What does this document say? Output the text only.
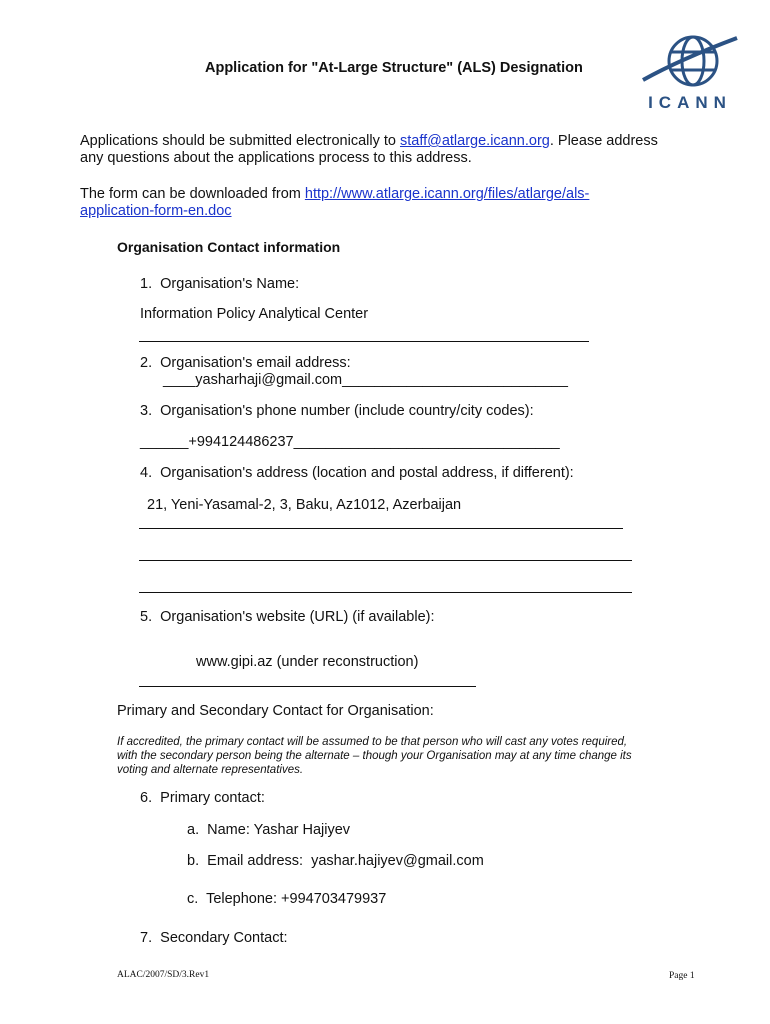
Application for "At-Large Structure" (ALS) Designation
ICANN
Applications should be submitted electronically to staff@atlarge.icann.org. Please address
any questions about the applications process to this address.
The form can be downloaded from http://www.atlarge.icann.org/files/atlarge/als-
application-form-en.doc
Organisation Contact information
1.  Organisation's Name:
Information Policy Analytical Center
2.  Organisation's email address:
____yasharhaji@gmail.com____________________________
3.  Organisation's phone number (include country/city codes):
______+994124486237_________________________________
4.  Organisation's address (location and postal address, if different):
21, Yeni-Yasamal-2, 3, Baku, Az1012, Azerbaijan
5.  Organisation's website (URL) (if available):
www.gipi.az (under reconstruction)
Primary and Secondary Contact for Organisation:
If accredited, the primary contact will be assumed to be that person who will cast any votes required,
with the secondary person being the alternate – though your Organisation may at any time change its
voting and alternate representatives.
6.  Primary contact:
a.  Name: Yashar Hajiyev
b.  Email address:  yashar.hajiyev@gmail.com
c.  Telephone: +994703479937
7.  Secondary Contact:
ALAC/2007/SD/3.Rev1	Page 1
